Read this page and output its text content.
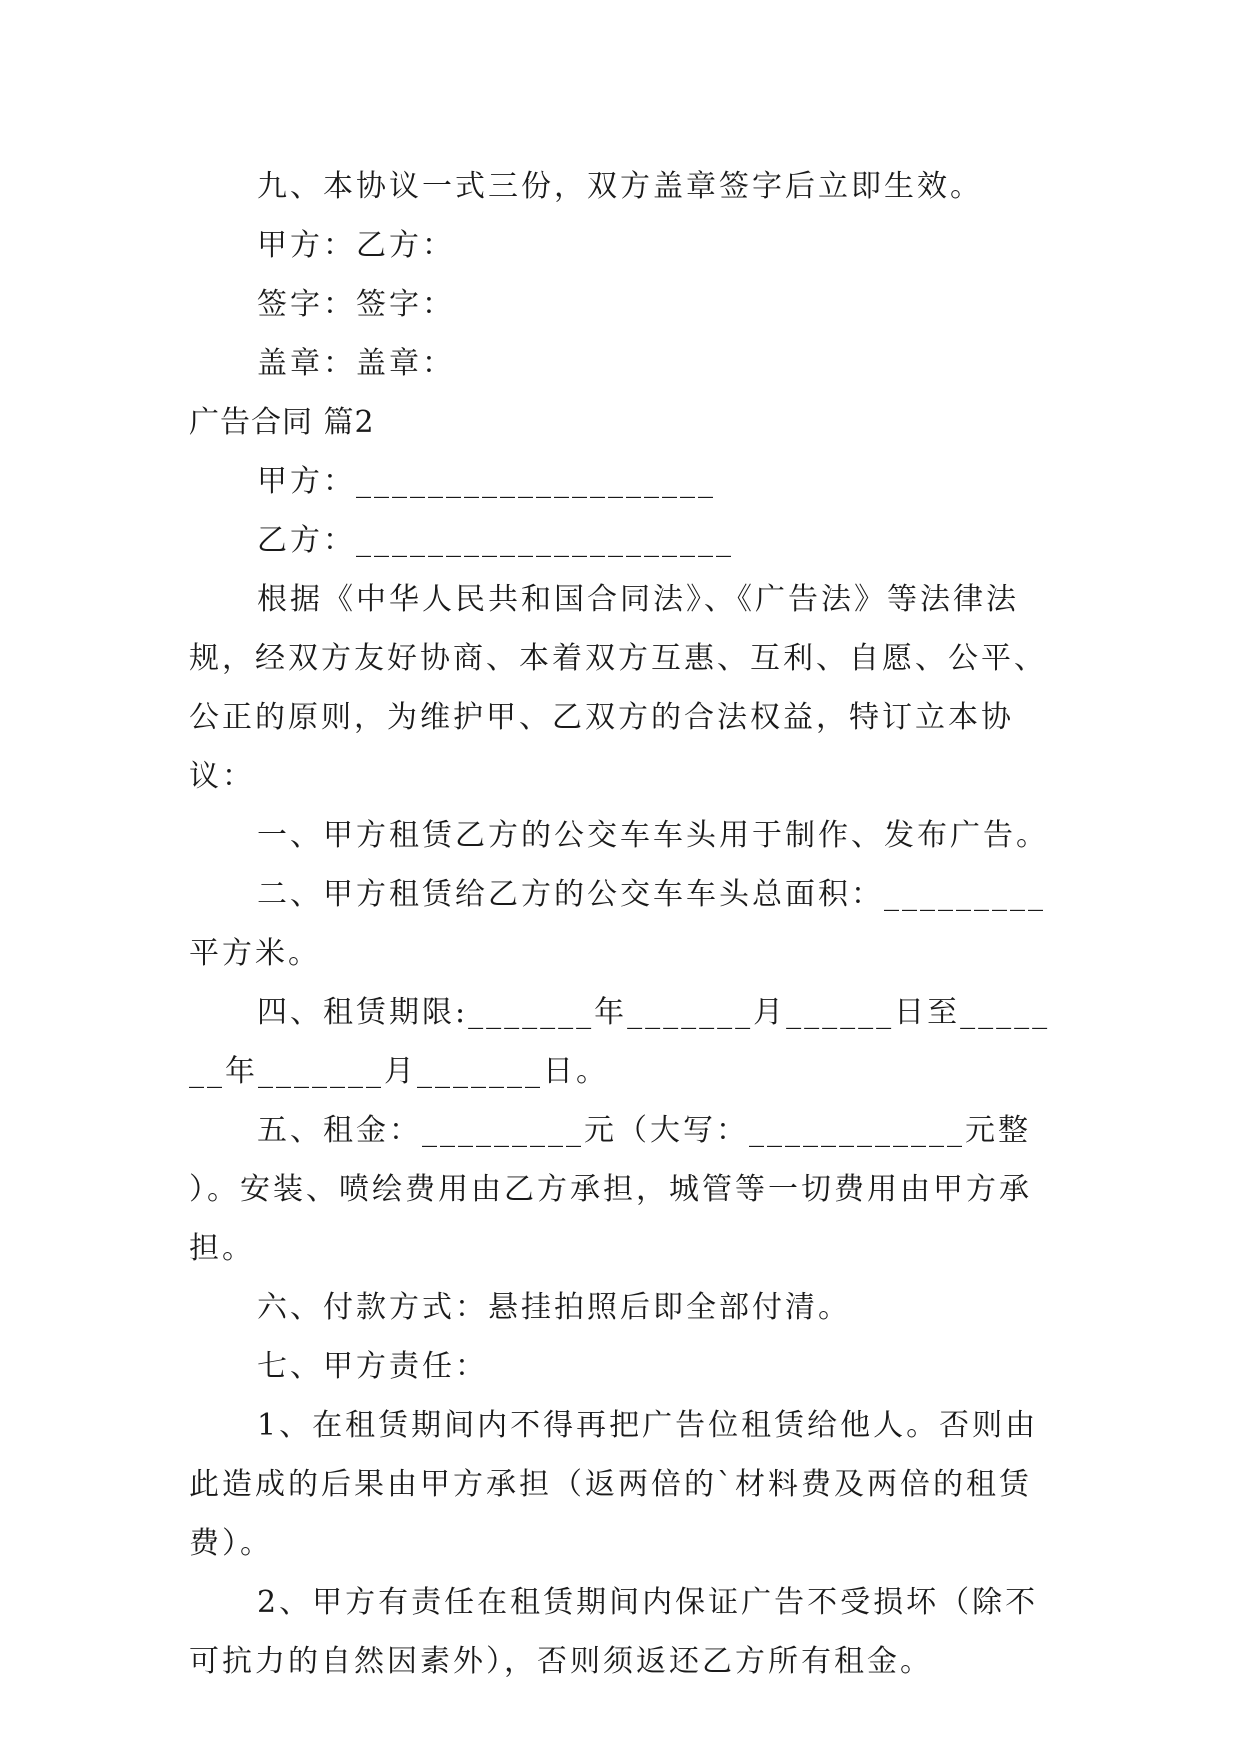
九、本协议一式三份，双方盖章签字后立即生效。

甲方：乙方：

签字：签字：

盖章：盖章：

广告合同 篇2

甲方：____________________

乙方：_____________________

根据《中华人民共和国合同法》、《广告法》等法律法规，经双方友好协商、本着双方互惠、互利、自愿、公平、公正的原则，为维护甲、乙双方的合法权益，特订立本协议：

一、甲方租赁乙方的公交车车头用于制作、发布广告。

二、甲方租赁给乙方的公交车车头总面积：_________平方米。

四、租赁期限:_______年_______月______日至_______年_______月_______日。

五、租金：_________元（大写：____________元整 ）。安装、喷绘费用由乙方承担，城管等一切费用由甲方承担。

六、付款方式：悬挂拍照后即全部付清。

七、甲方责任：

1、在租赁期间内不得再把广告位租赁给他人。否则由此造成的后果由甲方承担（返两倍的`材料费及两倍的租赁费）。

2、甲方有责任在租赁期间内保证广告不受损坏（除不可抗力的自然因素外），否则须返还乙方所有租金。
